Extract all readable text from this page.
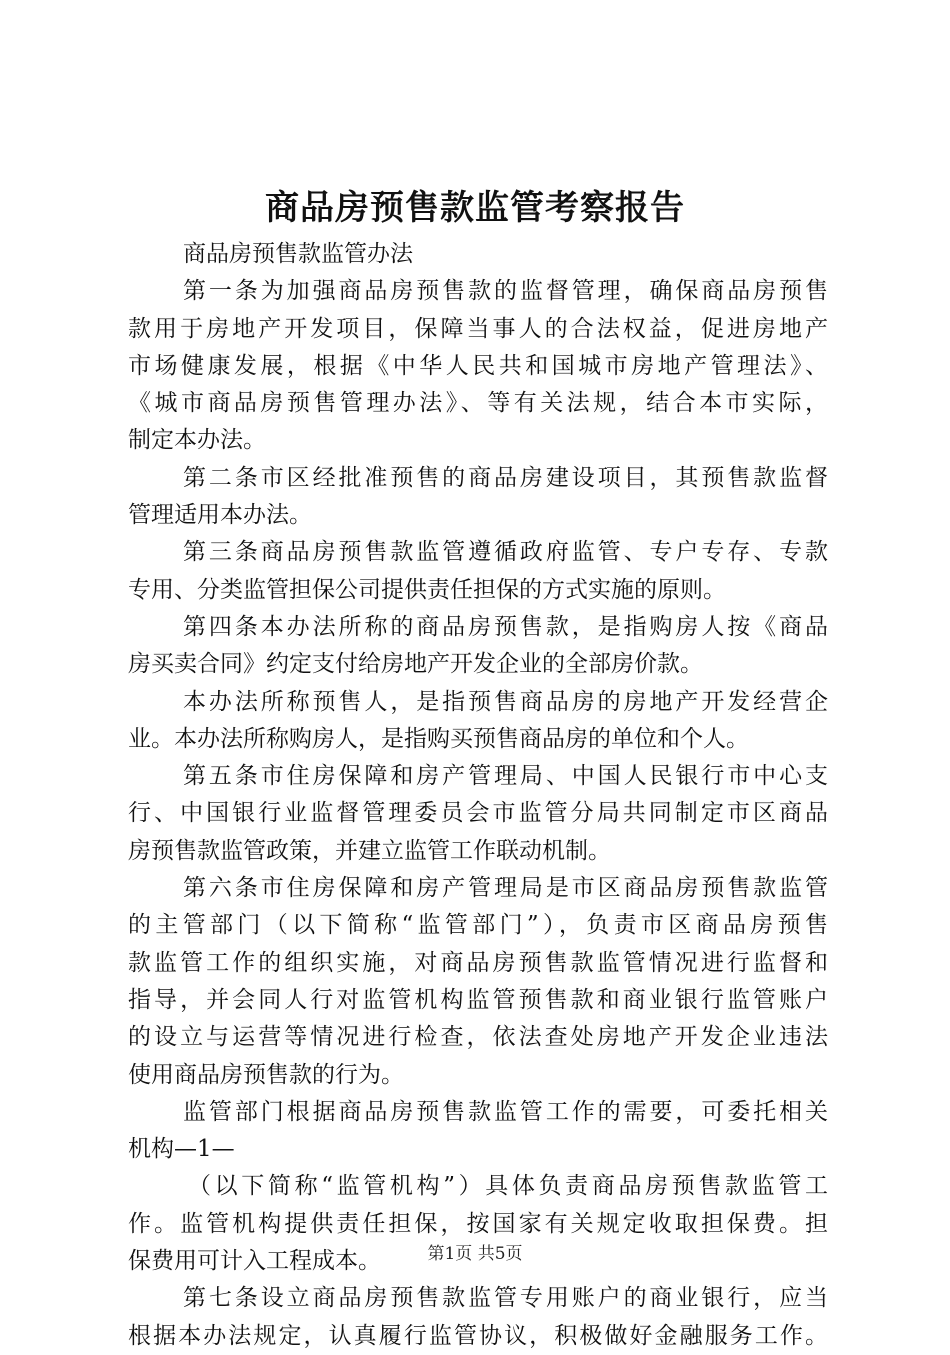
商品房预售款监管考察报告
商品房预售款监管办法
第一条为加强商品房预售款的监督管理，确保商品房预售
款用于房地产开发项目，保障当事人的合法权益，促进房地产
市场健康发展，根据《中华人民共和国城市房地产管理法》、
《城市商品房预售管理办法》、等有关法规，结合本市实际，
制定本办法。
第二条市区经批准预售的商品房建设项目，其预售款监督
管理适用本办法。
第三条商品房预售款监管遵循政府监管、专户专存、专款
专用、分类监管担保公司提供责任担保的方式实施的原则。
第四条本办法所称的商品房预售款，是指购房人按《商品
房买卖合同》约定支付给房地产开发企业的全部房价款。
本办法所称预售人，是指预售商品房的房地产开发经营企
业。本办法所称购房人，是指购买预售商品房的单位和个人。
第五条市住房保障和房产管理局、中国人民银行市中心支
行、中国银行业监督管理委员会市监管分局共同制定市区商品
房预售款监管政策，并建立监管工作联动机制。
第六条市住房保障和房产管理局是市区商品房预售款监管
的主管部门（以下简称“监管部门”），负责市区商品房预售
款监管工作的组织实施，对商品房预售款监管情况进行监督和
指导，并会同人行对监管机构监管预售款和商业银行监管账户
的设立与运营等情况进行检查，依法查处房地产开发企业违法
使用商品房预售款的行为。
监管部门根据商品房预售款监管工作的需要，可委托相关
机构—1—
（以下简称“监管机构”）具体负责商品房预售款监管工
作。监管机构提供责任担保，按国家有关规定收取担保费。担
保费用可计入工程成本。
第七条设立商品房预售款监管专用账户的商业银行，应当
根据本办法规定，认真履行监管协议，积极做好金融服务工作。
第1页 共5页
